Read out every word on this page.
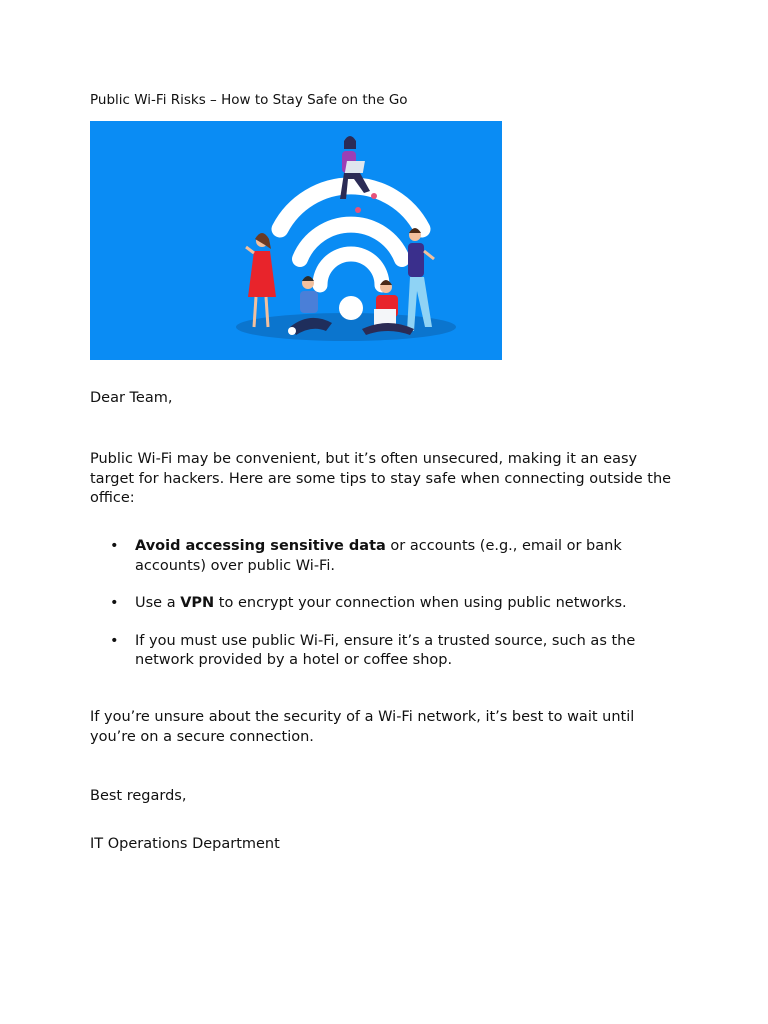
Public Wi-Fi Risks – How to Stay Safe on the Go
Dear Team,
Public Wi-Fi may be convenient, but it’s often unsecured, making it an easy target for hackers. Here are some tips to stay safe when connecting outside the office:
• Avoid accessing sensitive data or accounts (e.g., email or bank accounts) over public Wi-Fi.
• Use a VPN to encrypt your connection when using public networks.
• If you must use public Wi-Fi, ensure it’s a trusted source, such as the network provided by a hotel or coffee shop.
If you’re unsure about the security of a Wi-Fi network, it’s best to wait until you’re on a secure connection.
Best regards,
IT Operations Department
